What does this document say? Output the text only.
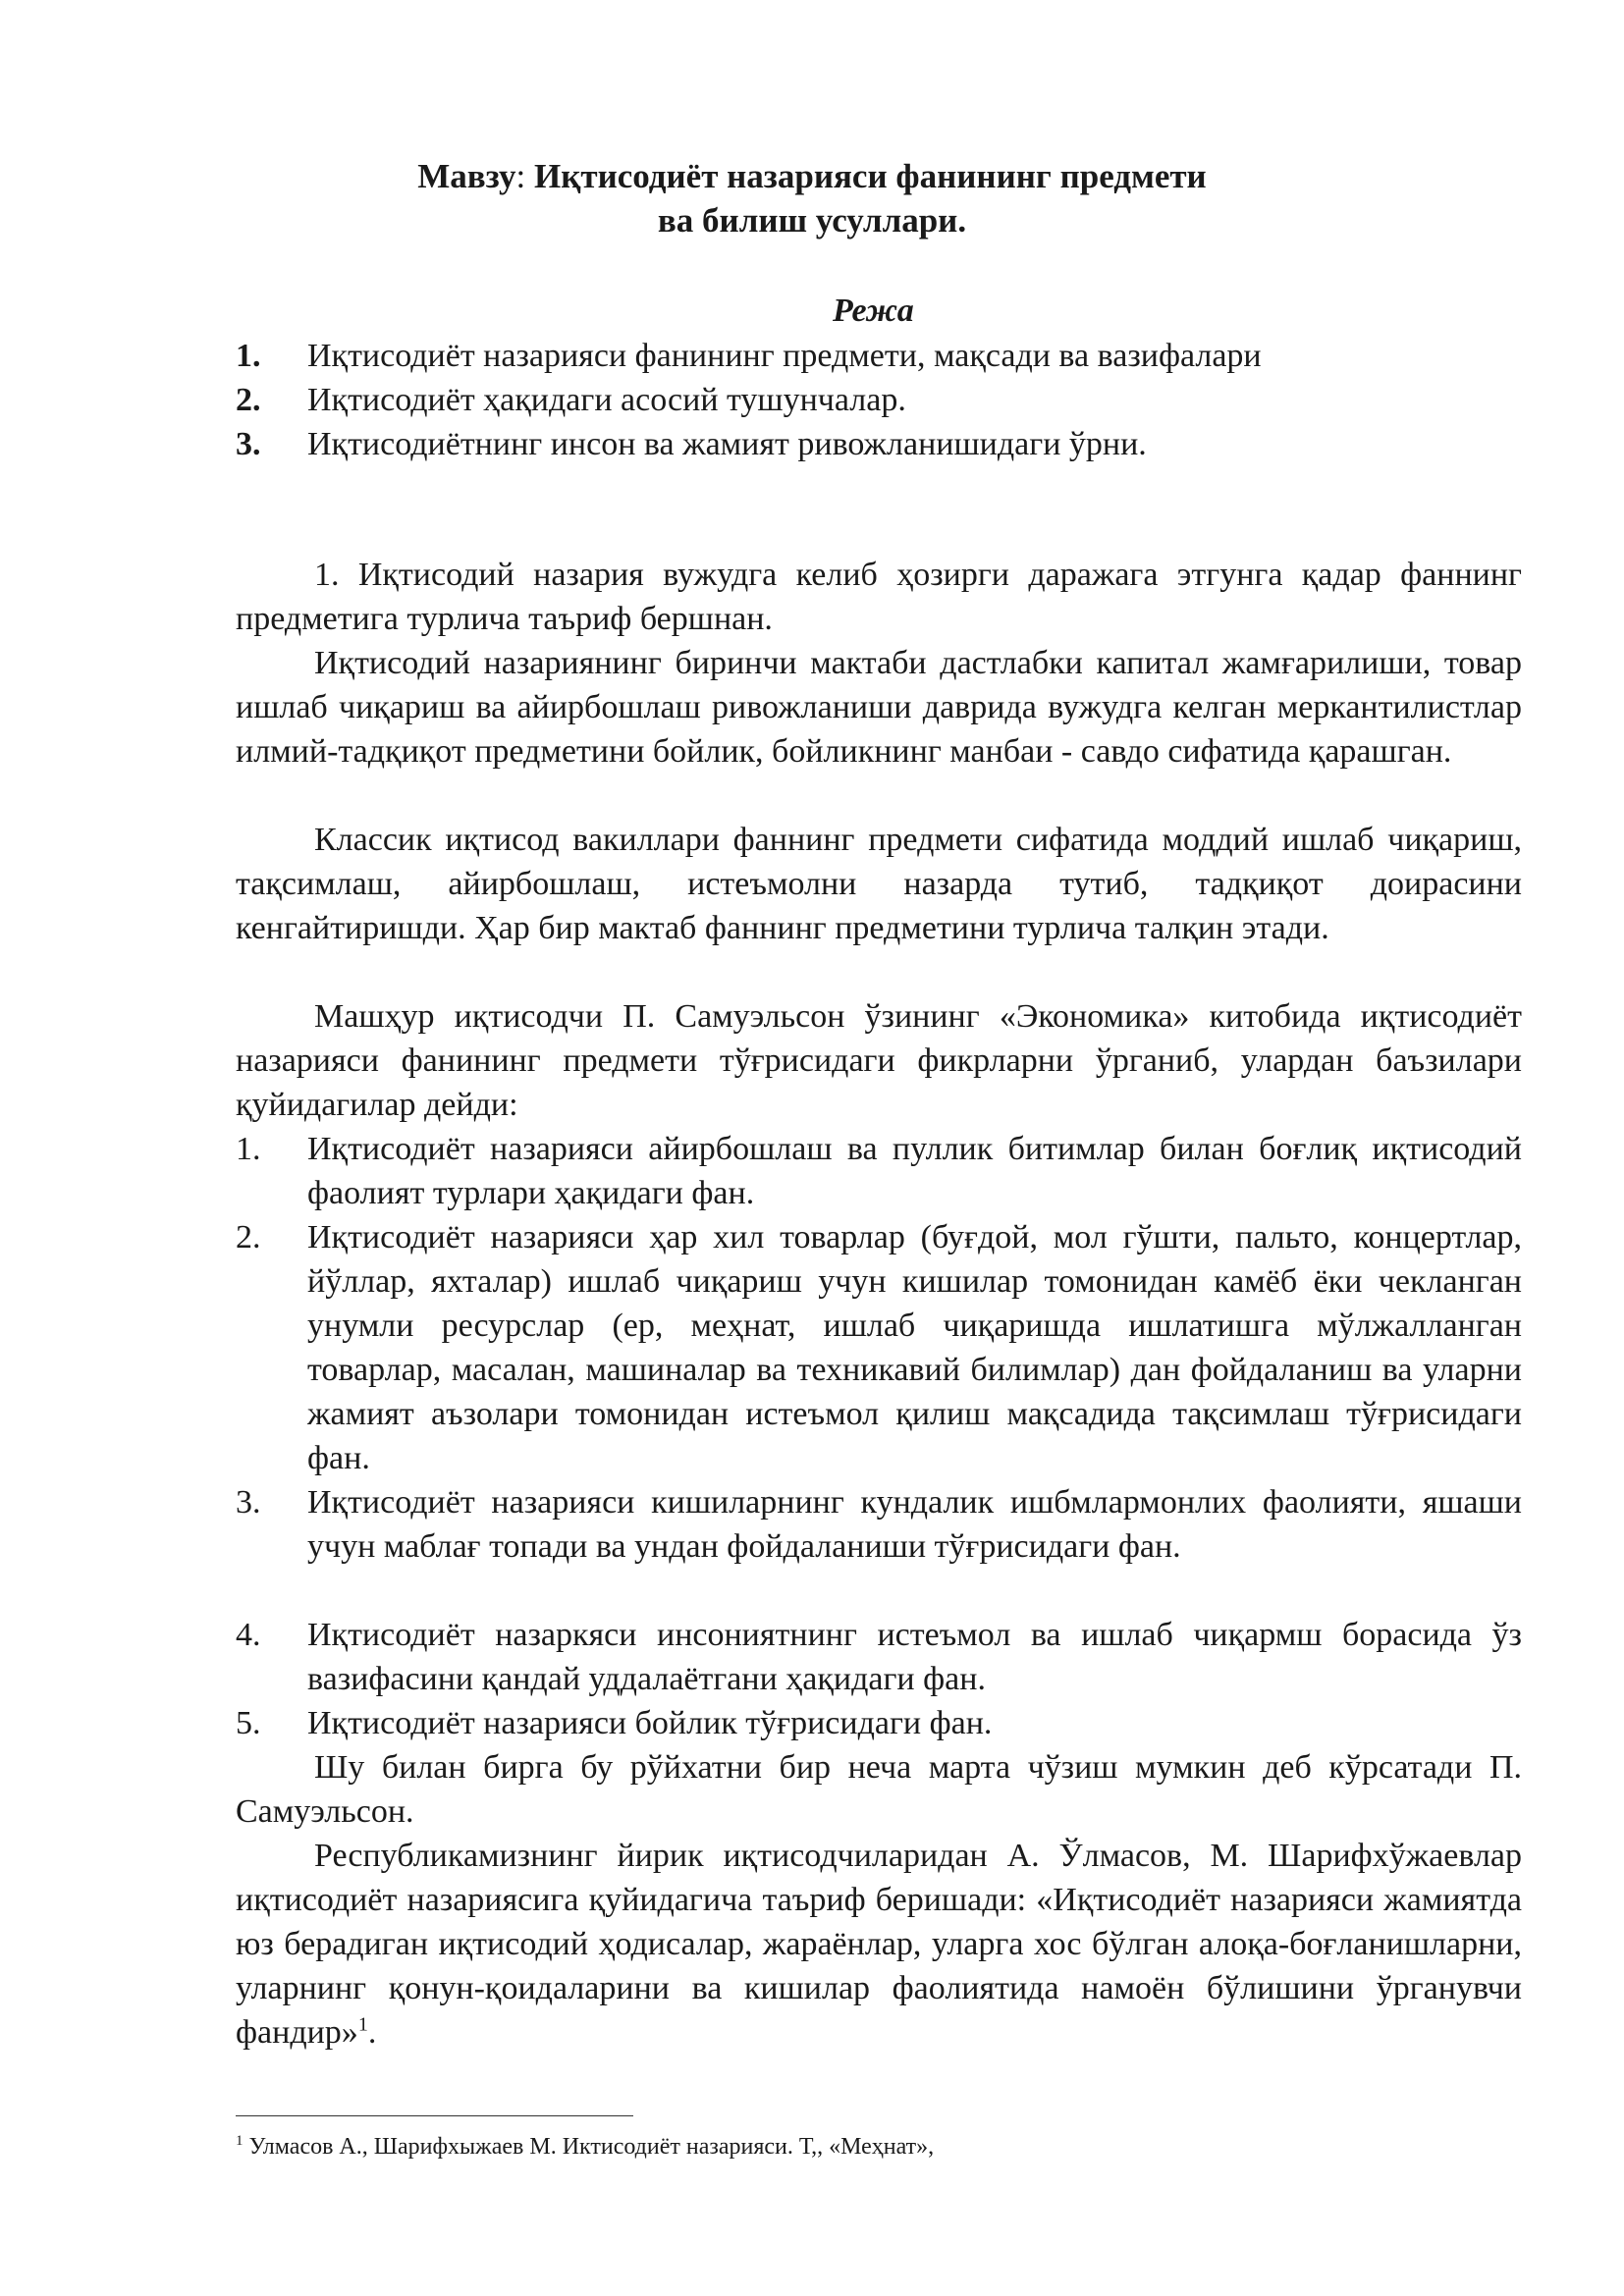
Мавзу: Иқтисодиёт назарияси фанининг предмети
ва билиш усуллари.
Режа
1. Иқтисодиёт назарияси фанининг предмети, мақсади ва вазифалари
2. Иқтисодиёт ҳақидаги асосий тушунчалар.
3. Иқтисодиётнинг инсон ва жамият ривожланишидаги ўрни.
1. Иқтисодий назария вужудга келиб ҳозирги даражага этгунга қадар фаннинг предметига турлича таъриф бершнан.
Иқтисодий назариянинг биринчи мактаби дастлабки капитал жамғарилиши, товар ишлаб чиқариш ва айирбошлаш ривожланиши даврида вужудга келган меркантилистлар илмий-тадқиқот предметини бойлик, бойликнинг манбаи - савдо сифатида қарашган.
Классик иқтисод вакиллари фаннинг предмети сифатида моддий ишлаб чиқариш, тақсимлаш, айирбошлаш, истеъмолни назарда тутиб, тадқиқот доирасини кенгайтиришди. Ҳар бир мактаб фаннинг предметини турлича талқин этади.
Машҳур иқтисодчи П. Самуэльсон ўзининг «Экономика» китобида иқтисодиёт назарияси фанининг предмети тўғрисидаги фикрларни ўрганиб, улардан баъзилари қуйидагилар дейди:
1. Иқтисодиёт назарияси айирбошлаш ва пуллик битимлар билан боғлиқ иқтисодий фаолият турлари ҳақидаги фан.
2. Иқтисодиёт назарияси ҳар хил товарлар (буғдой, мол гўшти, пальто, концертлар, йўллар, яхталар) ишлаб чиқариш учун кишилар томонидан камёб ёки чекланган унумли ресурслар (ер, меҳнат, ишлаб чиқаришда ишлатишга мўлжалланган товарлар, масалан, машиналар ва техникавий билимлар) дан фойдаланиш ва уларни жамият аъзолари томонидан истеъмол қилиш мақсадида тақсимлаш тўғрисидаги фан.
3. Иқтисодиёт назарияси кишиларнинг кундалик ишбмлармонлих фаолияти, яшаши учун маблағ топади ва ундан фойдаланиши тўғрисидаги фан.
4. Иқтисодиёт назаркяси инсониятнинг истеъмол ва ишлаб чиқармш борасида ўз вазифасини қандай уддалаётгани ҳақидаги фан.
5. Иқтисодиёт назарияси бойлик тўғрисидаги фан.
Шу билан бирга бу рўйхатни бир неча марта чўзиш мумкин деб кўрсатади П. Самуэльсон.
Республикамизнинг йирик иқтисодчиларидан А. Ўлмасов, М. Шарифхўжаевлар иқтисодиёт назариясига қуйидагича таъриф беришади: «Иқтисодиёт назарияси жамиятда юз берадиган иқтисодий ҳодисалар, жараёнлар, уларга хос бўлган алоқа-боғланишларни, уларнинг қонун-қоидаларини ва кишилар фаолиятида намоён бўлишини ўрганувчи фандир»$^1$.
$^1$ Улмасов А., Шарифхыжаев М. Иктисодиёт назарияси. Т,, «Меҳнат»,
